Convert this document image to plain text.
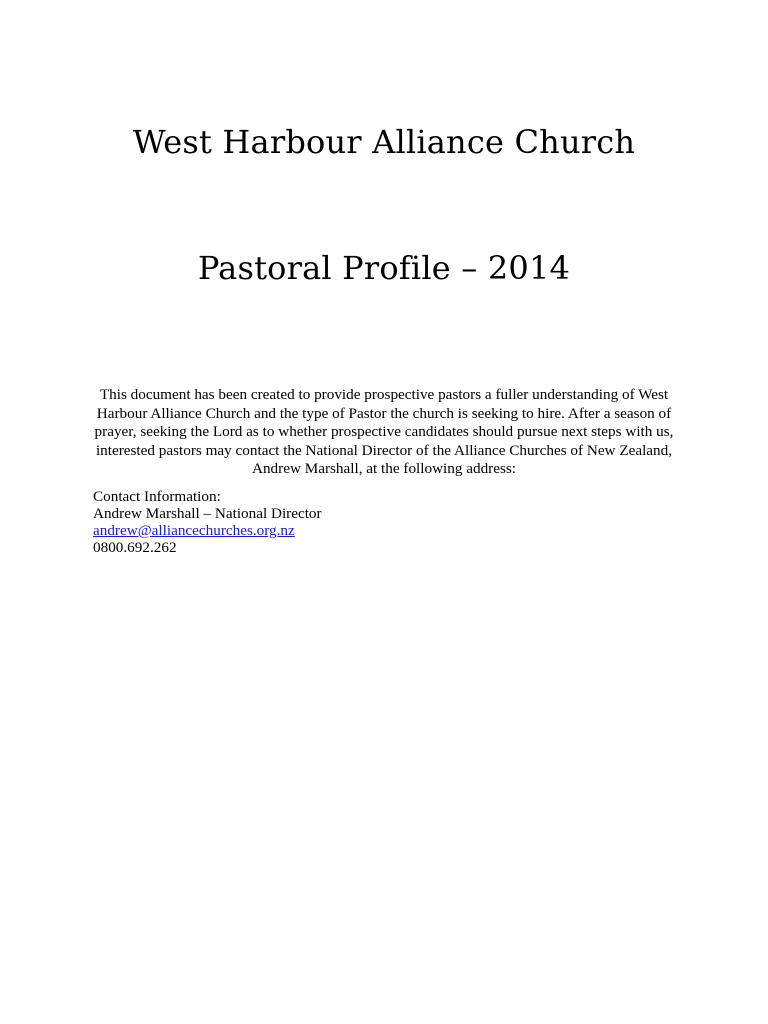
West Harbour Alliance Church
Pastoral Profile – 2014

This document has been created to provide prospective pastors a fuller understanding of West Harbour Alliance Church and the type of Pastor the church is seeking to hire. After a season of prayer, seeking the Lord as to whether prospective candidates should pursue next steps with us, interested pastors may contact the National Director of the Alliance Churches of New Zealand, Andrew Marshall, at the following address:

Contact Information:
Andrew Marshall – National Director
andrew@alliancechurches.org.nz
0800.692.262
